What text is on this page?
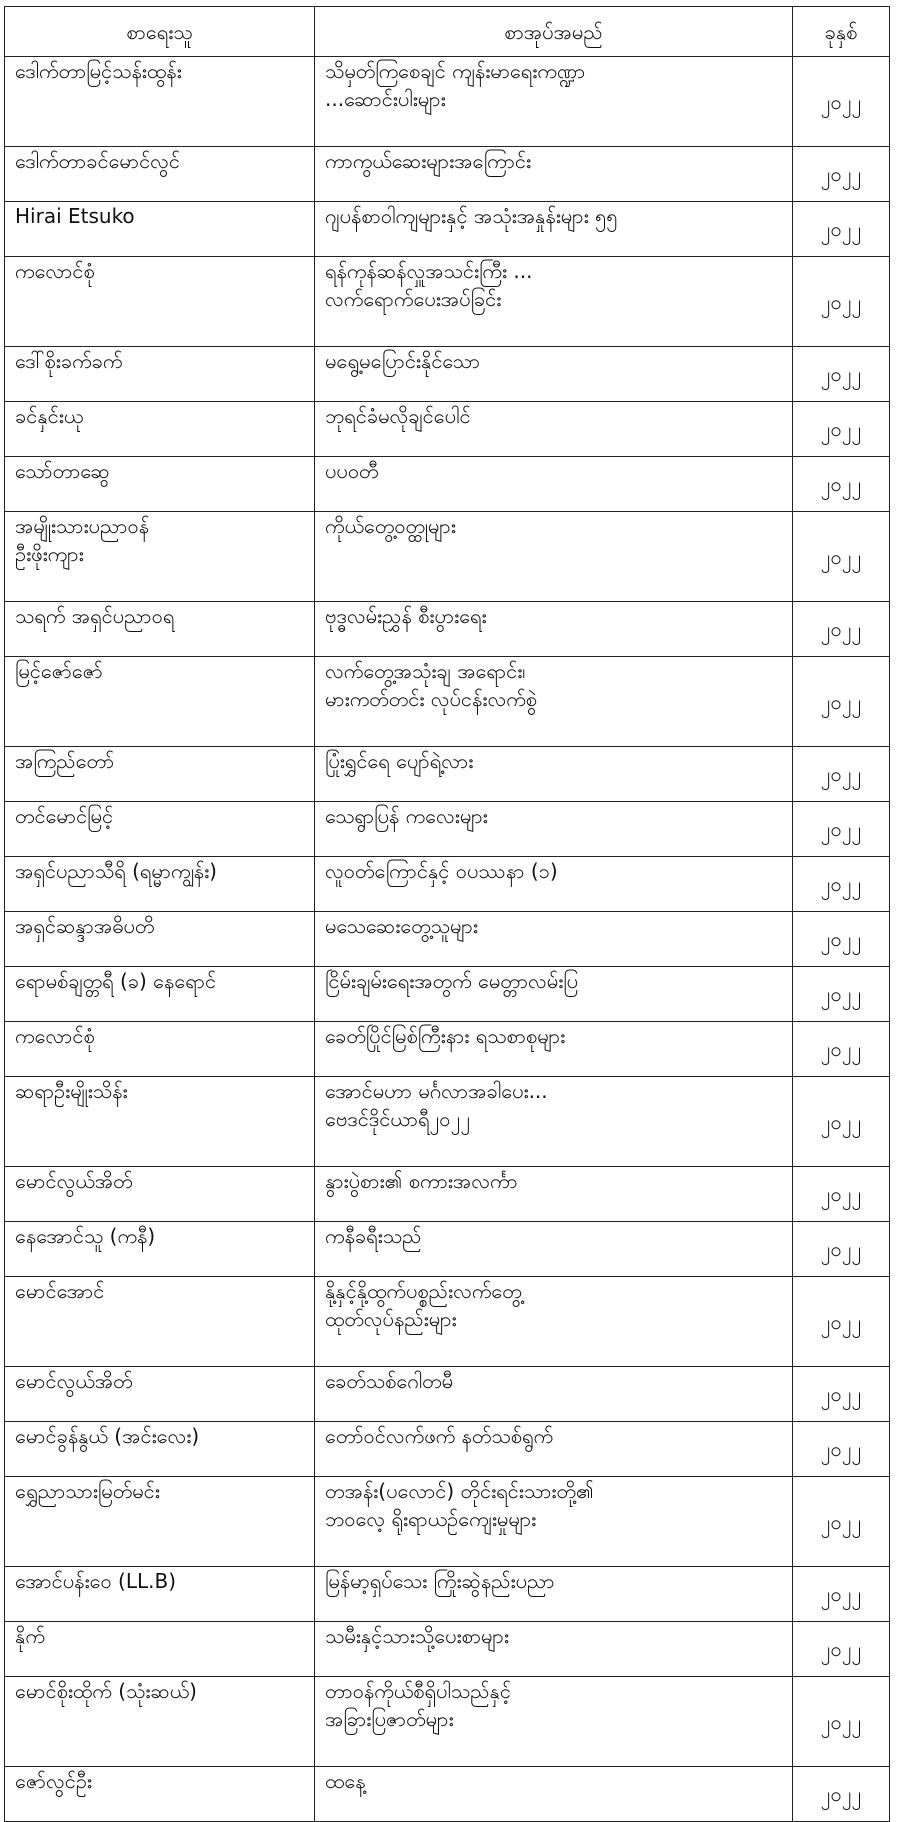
စာရေးသူ	စာအုပ်အမည်	ခုနှစ်

ဒေါက်တာမြင့်သန်းထွန်း	သိမှတ်ကြစေချင် ကျန်းမာရေးကဏ္ဍာ
...ဆောင်းပါးများ	၂၀၂၂

ဒေါက်တာခင်မောင်လွင်	ကာကွယ်ဆေးများအကြောင်း	၂၀၂၂

Hirai Etsuko	ဂျပန်စာဝါကျများနှင့် အသုံးအနှုန်းများ ၅၅	၂၀၂၂

ကလောင်စုံ	ရန်ကုန်ဆန်လှူအသင်းကြီး ...
လက်ရောက်ပေးအပ်ခြင်း	၂၀၂၂

ဒေါ်စိုးခက်ခက်	မရွေ့မပြောင်းနိုင်သော	၂၀၂၂

ခင်နှင်းယု	ဘုရင်ခံမလိုချင်ပေါင်	၂၀၂၂

သော်တာဆွေ	ပပဝတီ	၂၀၂၂

အမျိုးသားပညာဝန်
ဦးဖိုးကျား	ကိုယ်တွေ့ဝတ္ထုများ	၂၀၂၂

သရက် အရှင်ပညာဝရ	ဗုဒ္ဓလမ်းညွှန် စီးပွားရေး	၂၀၂၂

မြင့်ဇော်ဇော်	လက်တွေ့အသုံးချ အရောင်း၊
မားကတ်တင်း လုပ်ငန်းလက်စွဲ	၂၀၂၂

အကြည်တော်	ပြုံးရွှင်ရေ ပျော်ရဲ့လား	၂၀၂၂

တင်မောင်မြင့်	သေရွာပြန် ကလေးများ	၂၀၂၂

အရှင်ပညာသီရိ (ရမ္မာကျွန်း)	လူဝတ်ကြောင်နှင့် ဝပဿနာ (၁)	၂၀၂၂

အရှင်ဆန္ဒာအဓိပတိ	မသေဆေးတွေ့သူများ	၂၀၂၂

ရောမစ်ချတ္တရီ (ခ) နေရောင်	ငြိမ်းချမ်းရေးအတွက် မေတ္တာလမ်းပြ	၂၀၂၂

ကလောင်စုံ	ခေတ်ပြိုင်မြစ်ကြီးနား ရသစာစုများ	၂၀၂၂

ဆရာဦးမျိုးသိန်း	အောင်မဟာ မင်္ဂလာအခါပေး...
ဗေဒင်ဒိုင်ယာရီ၂၀၂၂	၂၀၂၂

မောင်လွယ်အိတ်	နွားပွဲစား၏ စကားအလင်္ကာ	၂၀၂၂

နေအောင်သူ (ကနီ)	ကနီခရီးသည်	၂၀၂၂

မောင်အောင်	နို့နှင့်နို့ထွက်ပစ္စည်းလက်တွေ့
ထုတ်လုပ်နည်းများ	၂၀၂၂

မောင်လွယ်အိတ်	ခေတ်သစ်ဂေါတမီ	၂၀၂၂

မောင်ခွန်နွယ် (အင်းလေး)	တော်ဝင်လက်ဖက် နတ်သစ်ရွက်	၂၀၂၂

ရွှေညာသားမြတ်မင်း	တအန်း(ပလောင်) တိုင်းရင်းသားတို့၏
ဘဝလေ့ ရိုးရာယဉ်ကျေးမှုများ	၂၀၂၂

အောင်ပန်းဝေ (LL.B)	မြန်မာ့ရှပ်သေး ကြိုးဆွဲနည်းပညာ	၂၀၂၂

နိုက်	သမီးနှင့်သားသို့ပေးစာများ	၂၀၂၂

မောင်စိုးထိုက် (သုံးဆယ်)	တာဝန်ကိုယ်စီရှိပါသည်နှင့်
အခြားပြဇာတ်များ	၂၀၂၂

ဇော်လွင်ဦး	ထနေ့	၂၀၂၂
